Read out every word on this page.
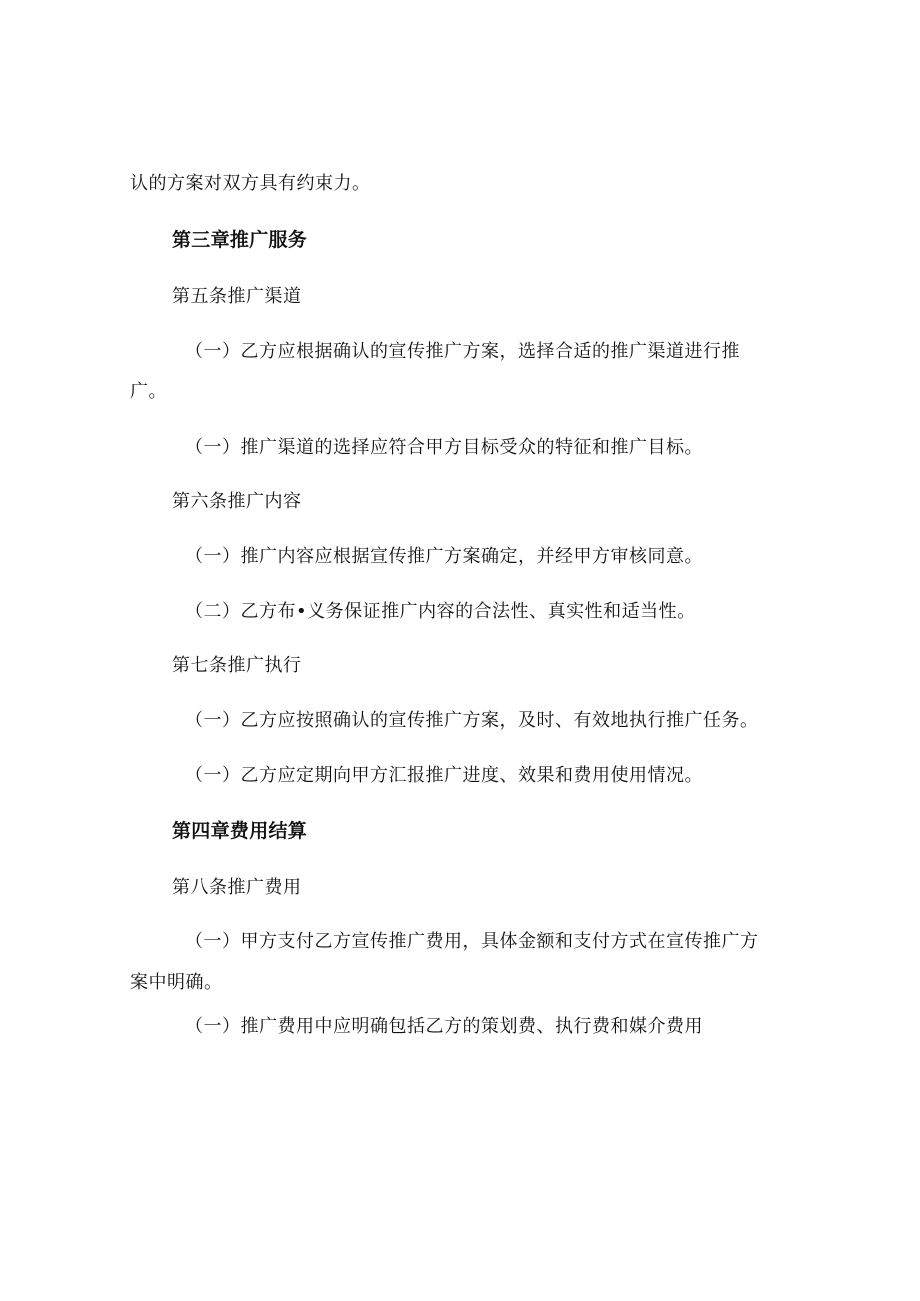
认的方案对双方具有约束力。
第三章推广服务
第五条推广渠道
（一）乙方应根据确认的宣传推广方案，选择合适的推广渠道进行推
广。
（一）推广渠道的选择应符合甲方目标受众的特征和推广目标。
第六条推广内容
（一）推广内容应根据宣传推广方案确定，并经甲方审核同意。
（二）乙方布•义务保证推广内容的合法性、真实性和适当性。
第七条推广执行
（一）乙方应按照确认的宣传推广方案，及时、有效地执行推广任务。
（一）乙方应定期向甲方汇报推广进度、效果和费用使用情况。
第四章费用结算
第八条推广费用
（一）甲方支付乙方宣传推广费用，具体金额和支付方式在宣传推广方
案中明确。
（一）推广费用中应明确包括乙方的策划费、执行费和媒介费用
